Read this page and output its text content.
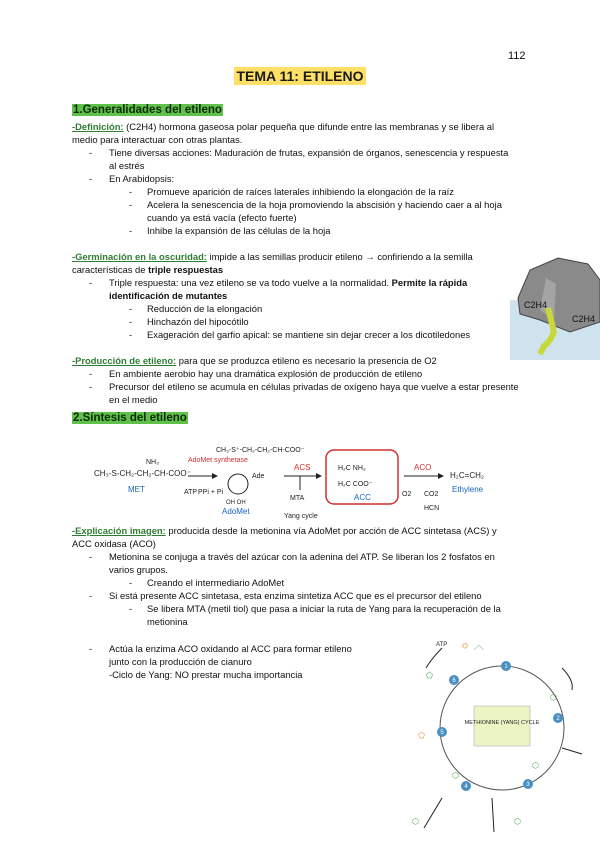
112
TEMA 11: ETILENO
1.Generalidades del etileno
-Definición: (C2H4) hormona gaseosa polar pequeña que difunde entre las membranas y se libera al medio para interactuar con otras plantas.
- Tiene diversas acciones: Maduración de frutas, expansión de órganos, senescencia y respuesta al estrés
- En Arabidopsis:
- Promueve aparición de raíces laterales inhibiendo la elongación de la raíz
- Acelera la senescencia de la hoja promoviendo la abscisión y haciendo caer a al hoja cuando ya está vacía (efecto fuerte)
- Inhibe la expansión de las células de la hoja
-Germinación en la oscuridad: impide a las semillas producir etileno → confiriendo a la semilla características de triple respuestas
- Triple respuesta: una vez etileno se va todo vuelve a la normalidad. Permite la rápida identificación de mutantes
- Reducción de la elongación
- Hinchazón del hipocótilo
- Exageración del garfio apical: se mantiene sin dejar crecer a los dicotiledones
-Producción de etileno: para que se produzca etileno es necesario la presencia de O2
- En ambiente aerobio hay una dramática explosión de producción de etileno
- Precursor del etileno se acumula en células privadas de oxígeno haya que vuelve a estar presente en el medio
C2H4
C2H4
2.Síntesis del etileno
CH₃-S-CH₂-CH₂-CH-COO⁻
NH₃
MET
AdoMet synthetase
ATP PPi + Pi
CH₃-S⁺-CH₂-CH₂-CH-COO⁻
Ade
OH OH
AdoMet
ACS
MTA
Yang cycle
H₂C NH₃
H₂C COO⁻
ACC
ACO
O2 CO2
HCN
H₂C=CH₂
Ethylene
-Explicación imagen: producida desde la metionina vía AdoMet por acción de ACC sintetasa (ACS) y ACC oxidasa (ACO)
- Metionina se conjuga a través del azúcar con la adenina del ATP. Se liberan los 2 fosfatos en varios grupos.
- Creando el intermediario AdoMet
- Si está presente ACC sintetasa, esta enzima sintetiza ACC que es el precursor del etileno
- Se libera MTA (metil tiol) que pasa a iniciar la ruta de Yang para la recuperación de la metionina
- Actúa la enzima ACO oxidando al ACC para formar etileno junto con la producción de cianuro
-Ciclo de Yang: NO prestar mucha importancia
METHIONINE (YANG) CYCLE
ATP ⌬ ⟋⟍
⬡
⬡
⬡
⬠
⬠
⬡	⬡
1
2
3
4
5
6
